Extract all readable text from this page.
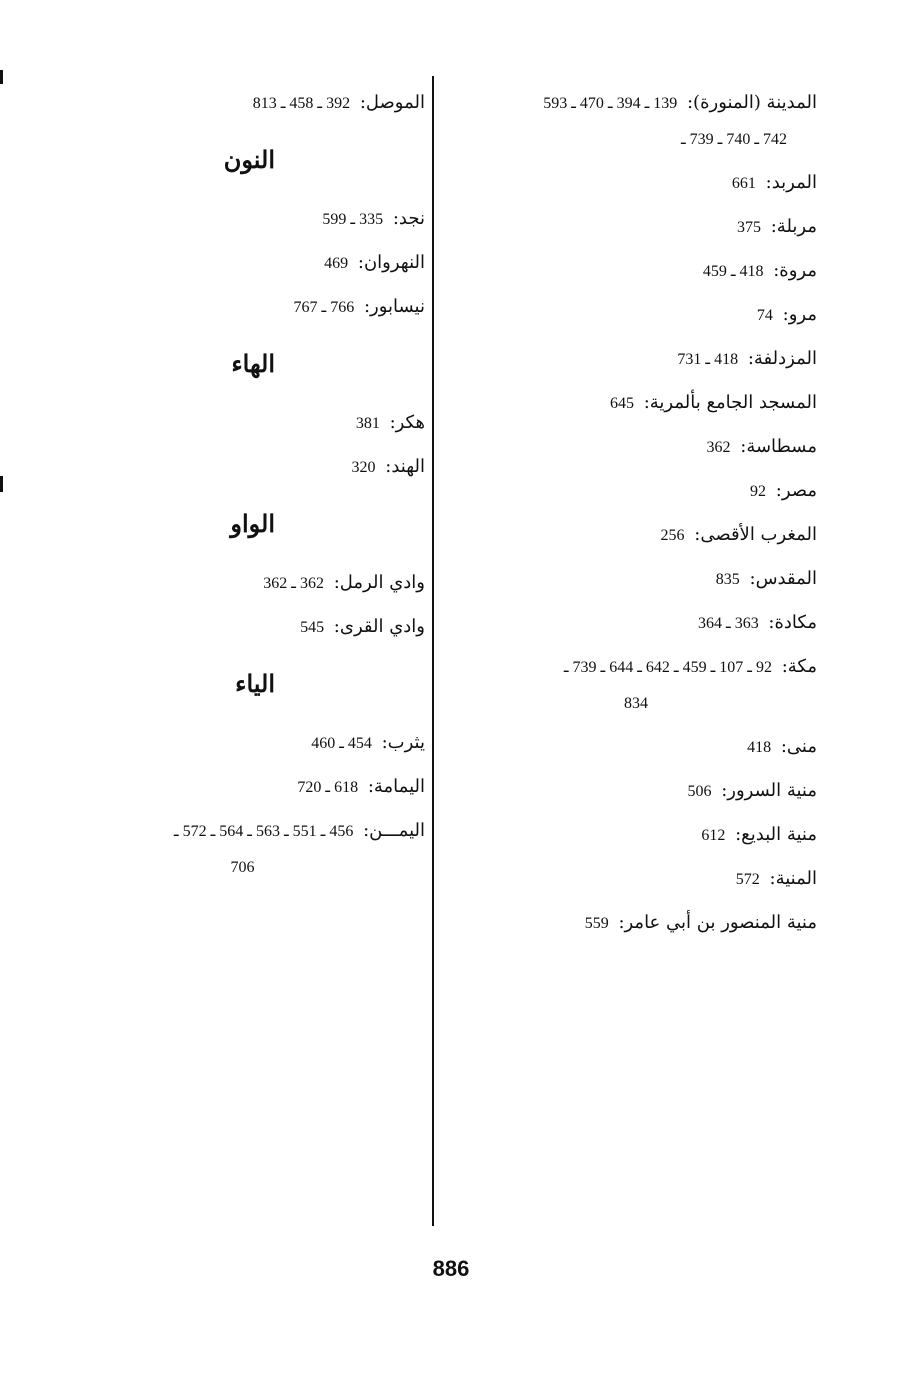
المدينة (المنورة): 139 ـ 394 ـ 470 ـ 593
742 ـ 740 ـ 739 ـ
المربد: 661
مربلة: 375
مروة: 418 ـ 459
مرو: 74
المزدلفة: 418 ـ 731
المسجد الجامع بألمرية: 645
مسطاسة: 362
مصر: 92
المغرب الأقصى: 256
المقدس: 835
مكادة: 363 ـ 364
مكة: 92 ـ 107 ـ 459 ـ 642 ـ 644 ـ 739 ـ
834
منى: 418
منية السرور: 506
منية البديع: 612
المنية: 572
منية المنصور بن أبي عامر: 559
الموصل: 392 ـ 458 ـ 813
النون
نجد: 335 ـ 599
النهروان: 469
نيسابور: 766 ـ 767
الهاء
هكر: 381
الهند: 320
الواو
وادي الرمل: 362 ـ 362
وادي القرى: 545
الياء
يثرب: 454 ـ 460
اليمامة: 618 ـ 720
اليمـــن: 456 ـ 551 ـ 563 ـ 564 ـ 572 ـ
706
886
